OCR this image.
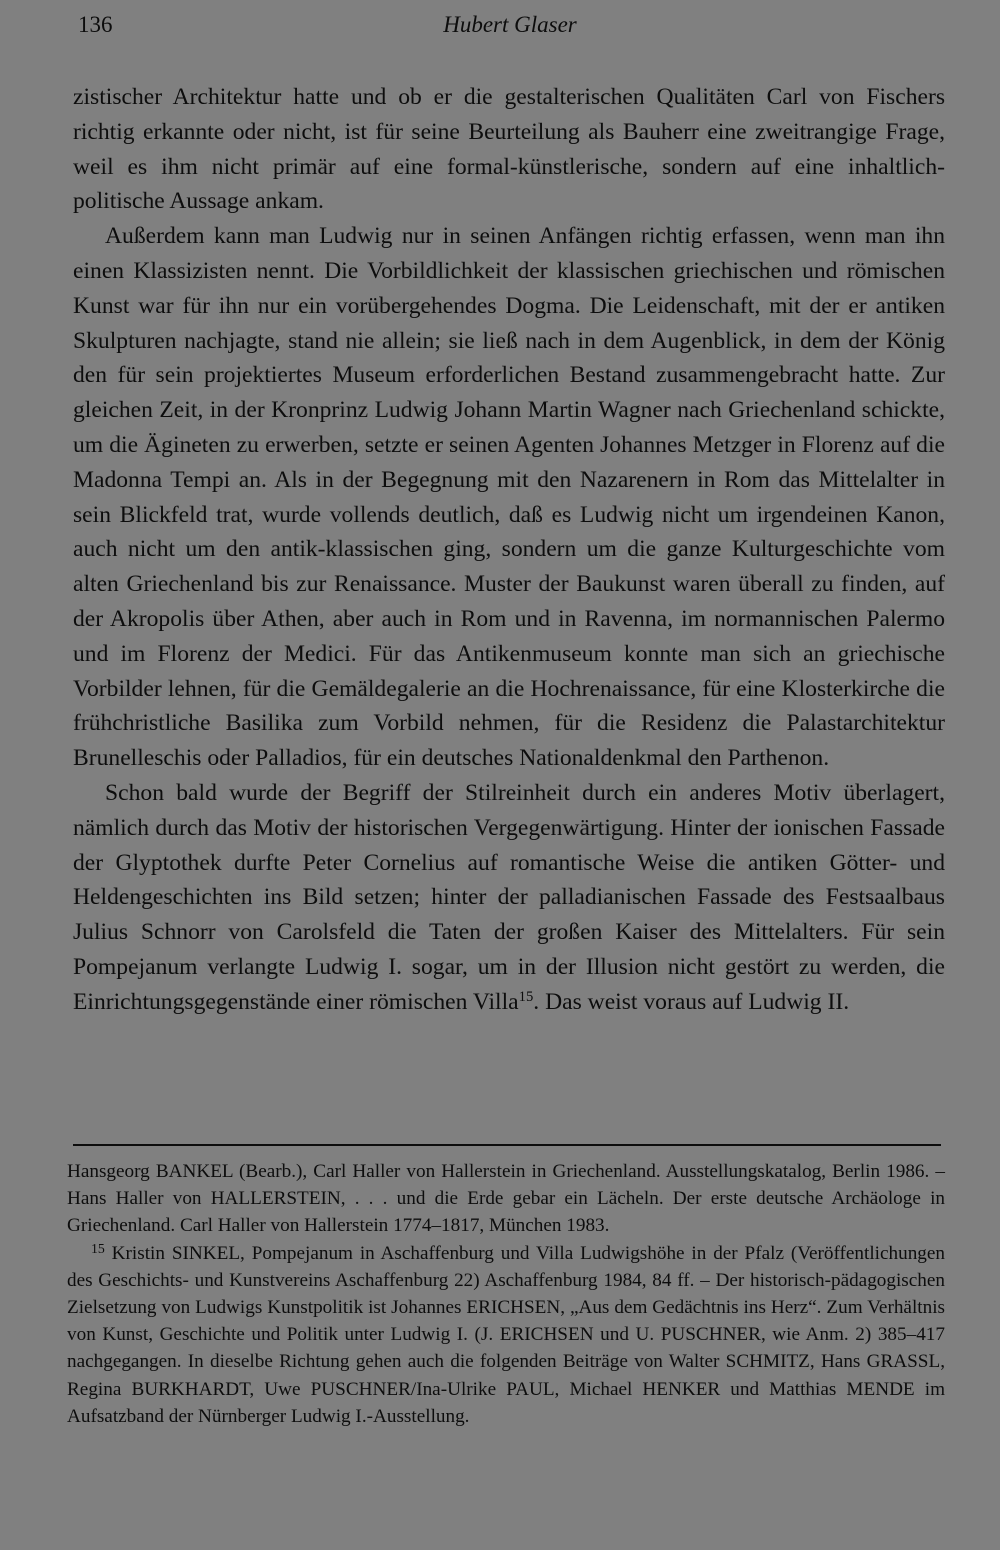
136	Hubert Glaser

zistischer Architektur hatte und ob er die gestalterischen Qualitäten Carl von Fischers richtig erkannte oder nicht, ist für seine Beurteilung als Bauherr eine zweitrangige Frage, weil es ihm nicht primär auf eine formal-künstlerische, sondern auf eine inhaltlich-politische Aussage ankam.

Außerdem kann man Ludwig nur in seinen Anfängen richtig erfassen, wenn man ihn einen Klassizisten nennt. Die Vorbildlichkeit der klassischen griechischen und römischen Kunst war für ihn nur ein vorübergehendes Dogma. Die Leidenschaft, mit der er antiken Skulpturen nachjagte, stand nie allein; sie ließ nach in dem Augenblick, in dem der König den für sein projektiertes Museum erforderlichen Bestand zusammengebracht hatte. Zur gleichen Zeit, in der Kronprinz Ludwig Johann Martin Wagner nach Griechenland schickte, um die Ägineten zu erwerben, setzte er seinen Agenten Johannes Metzger in Florenz auf die Madonna Tempi an. Als in der Begegnung mit den Nazarenern in Rom das Mittelalter in sein Blickfeld trat, wurde vollends deutlich, daß es Ludwig nicht um irgendeinen Kanon, auch nicht um den antik-klassischen ging, sondern um die ganze Kulturgeschichte vom alten Griechenland bis zur Renaissance. Muster der Baukunst waren überall zu finden, auf der Akropolis über Athen, aber auch in Rom und in Ravenna, im normannischen Palermo und im Florenz der Medici. Für das Antikenmuseum konnte man sich an griechische Vorbilder lehnen, für die Gemäldegalerie an die Hochrenaissance, für eine Klosterkirche die frühchristliche Basilika zum Vorbild nehmen, für die Residenz die Palastarchitektur Brunelleschis oder Palladios, für ein deutsches Nationaldenkmal den Parthenon.

Schon bald wurde der Begriff der Stilreinheit durch ein anderes Motiv überlagert, nämlich durch das Motiv der historischen Vergegenwärtigung. Hinter der ionischen Fassade der Glyptothek durfte Peter Cornelius auf romantische Weise die antiken Götter- und Heldengeschichten ins Bild setzen; hinter der palladianischen Fassade des Festsaalbaus Julius Schnorr von Carolsfeld die Taten der großen Kaiser des Mittelalters. Für sein Pompejanum verlangte Ludwig I. sogar, um in der Illusion nicht gestört zu werden, die Einrichtungsgegenstände einer römischen Villa$^{15}$. Das weist voraus auf Ludwig II.

Hansgeorg BANKEL (Bearb.), Carl Haller von Hallerstein in Griechenland. Ausstellungskatalog, Berlin 1986. – Hans Haller von HALLERSTEIN, . . . und die Erde gebar ein Lächeln. Der erste deutsche Archäologe in Griechenland. Carl Haller von Hallerstein 1774–1817, München 1983.

$^{15}$ Kristin SINKEL, Pompejanum in Aschaffenburg und Villa Ludwigshöhe in der Pfalz (Veröffentlichungen des Geschichts- und Kunstvereins Aschaffenburg 22) Aschaffenburg 1984, 84 ff. – Der historisch-pädagogischen Zielsetzung von Ludwigs Kunstpolitik ist Johannes ERICHSEN, „Aus dem Gedächtnis ins Herz“. Zum Verhältnis von Kunst, Geschichte und Politik unter Ludwig I. (J. ERICHSEN und U. PUSCHNER, wie Anm. 2) 385–417 nachgegangen. In dieselbe Richtung gehen auch die folgenden Beiträge von Walter SCHMITZ, Hans GRASSL, Regina BURKHARDT, Uwe PUSCHNER/Ina-Ulrike PAUL, Michael HENKER und Matthias MENDE im Aufsatzband der Nürnberger Ludwig I.-Ausstellung.
